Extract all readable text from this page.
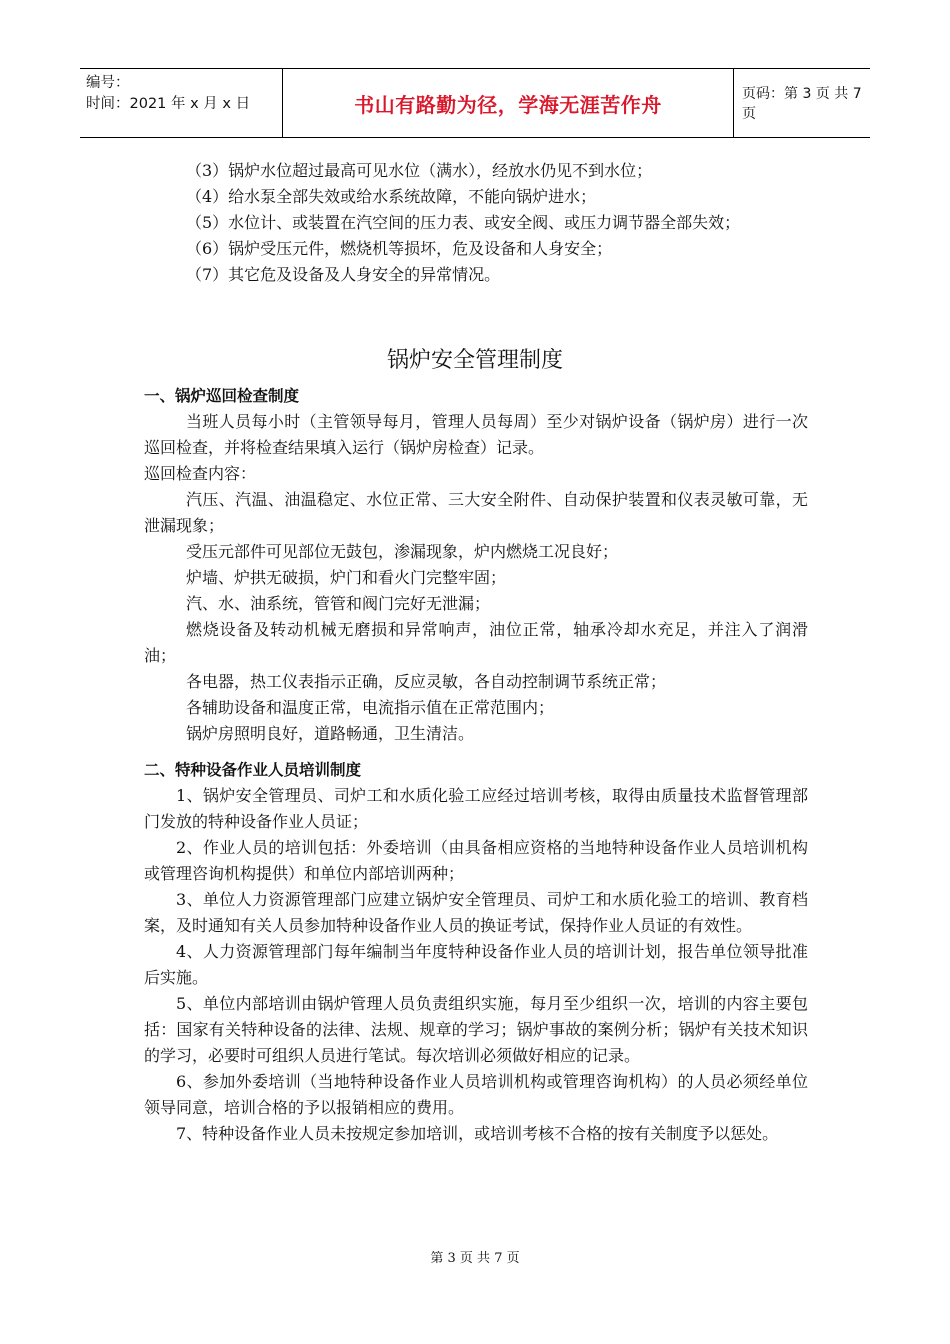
编号：
时间：2021 年 x 月 x 日	书山有路勤为径，学海无涯苦作舟	页码：第 3 页 共 7 页

（3）锅炉水位超过最高可见水位（满水），经放水仍见不到水位；

（4）给水泵全部失效或给水系统故障，不能向锅炉进水；

（5）水位计、或装置在汽空间的压力表、或安全阀、或压力调节器全部失效；

（6）锅炉受压元件，燃烧机等损坏，危及设备和人身安全；

（7）其它危及设备及人身安全的异常情况。

锅炉安全管理制度

一、锅炉巡回检查制度

当班人员每小时（主管领导每月，管理人员每周）至少对锅炉设备（锅炉房）进行一次巡回检查，并将检查结果填入运行（锅炉房检查）记录。

巡回检查内容：

汽压、汽温、油温稳定、水位正常、三大安全附件、自动保护装置和仪表灵敏可靠，无泄漏现象；

受压元部件可见部位无鼓包，渗漏现象，炉内燃烧工况良好；

炉墙、炉拱无破损，炉门和看火门完整牢固；

汽、水、油系统，管管和阀门完好无泄漏；

燃烧设备及转动机械无磨损和异常响声，油位正常，轴承冷却水充足，并注入了润滑油；

各电器，热工仪表指示正确，反应灵敏，各自动控制调节系统正常；

各辅助设备和温度正常，电流指示值在正常范围内；

锅炉房照明良好，道路畅通，卫生清洁。

二、特种设备作业人员培训制度

1、锅炉安全管理员、司炉工和水质化验工应经过培训考核，取得由质量技术监督管理部门发放的特种设备作业人员证；

2、作业人员的培训包括：外委培训（由具备相应资格的当地特种设备作业人员培训机构或管理咨询机构提供）和单位内部培训两种；

3、单位人力资源管理部门应建立锅炉安全管理员、司炉工和水质化验工的培训、教育档案，及时通知有关人员参加特种设备作业人员的换证考试，保持作业人员证的有效性。

4、人力资源管理部门每年编制当年度特种设备作业人员的培训计划，报告单位领导批准后实施。

5、单位内部培训由锅炉管理人员负责组织实施，每月至少组织一次，培训的内容主要包括：国家有关特种设备的法律、法规、规章的学习；锅炉事故的案例分析；锅炉有关技术知识的学习，必要时可组织人员进行笔试。每次培训必须做好相应的记录。

6、参加外委培训（当地特种设备作业人员培训机构或管理咨询机构）的人员必须经单位领导同意，培训合格的予以报销相应的费用。

7、特种设备作业人员未按规定参加培训，或培训考核不合格的按有关制度予以惩处。

第 3 页 共 7 页
